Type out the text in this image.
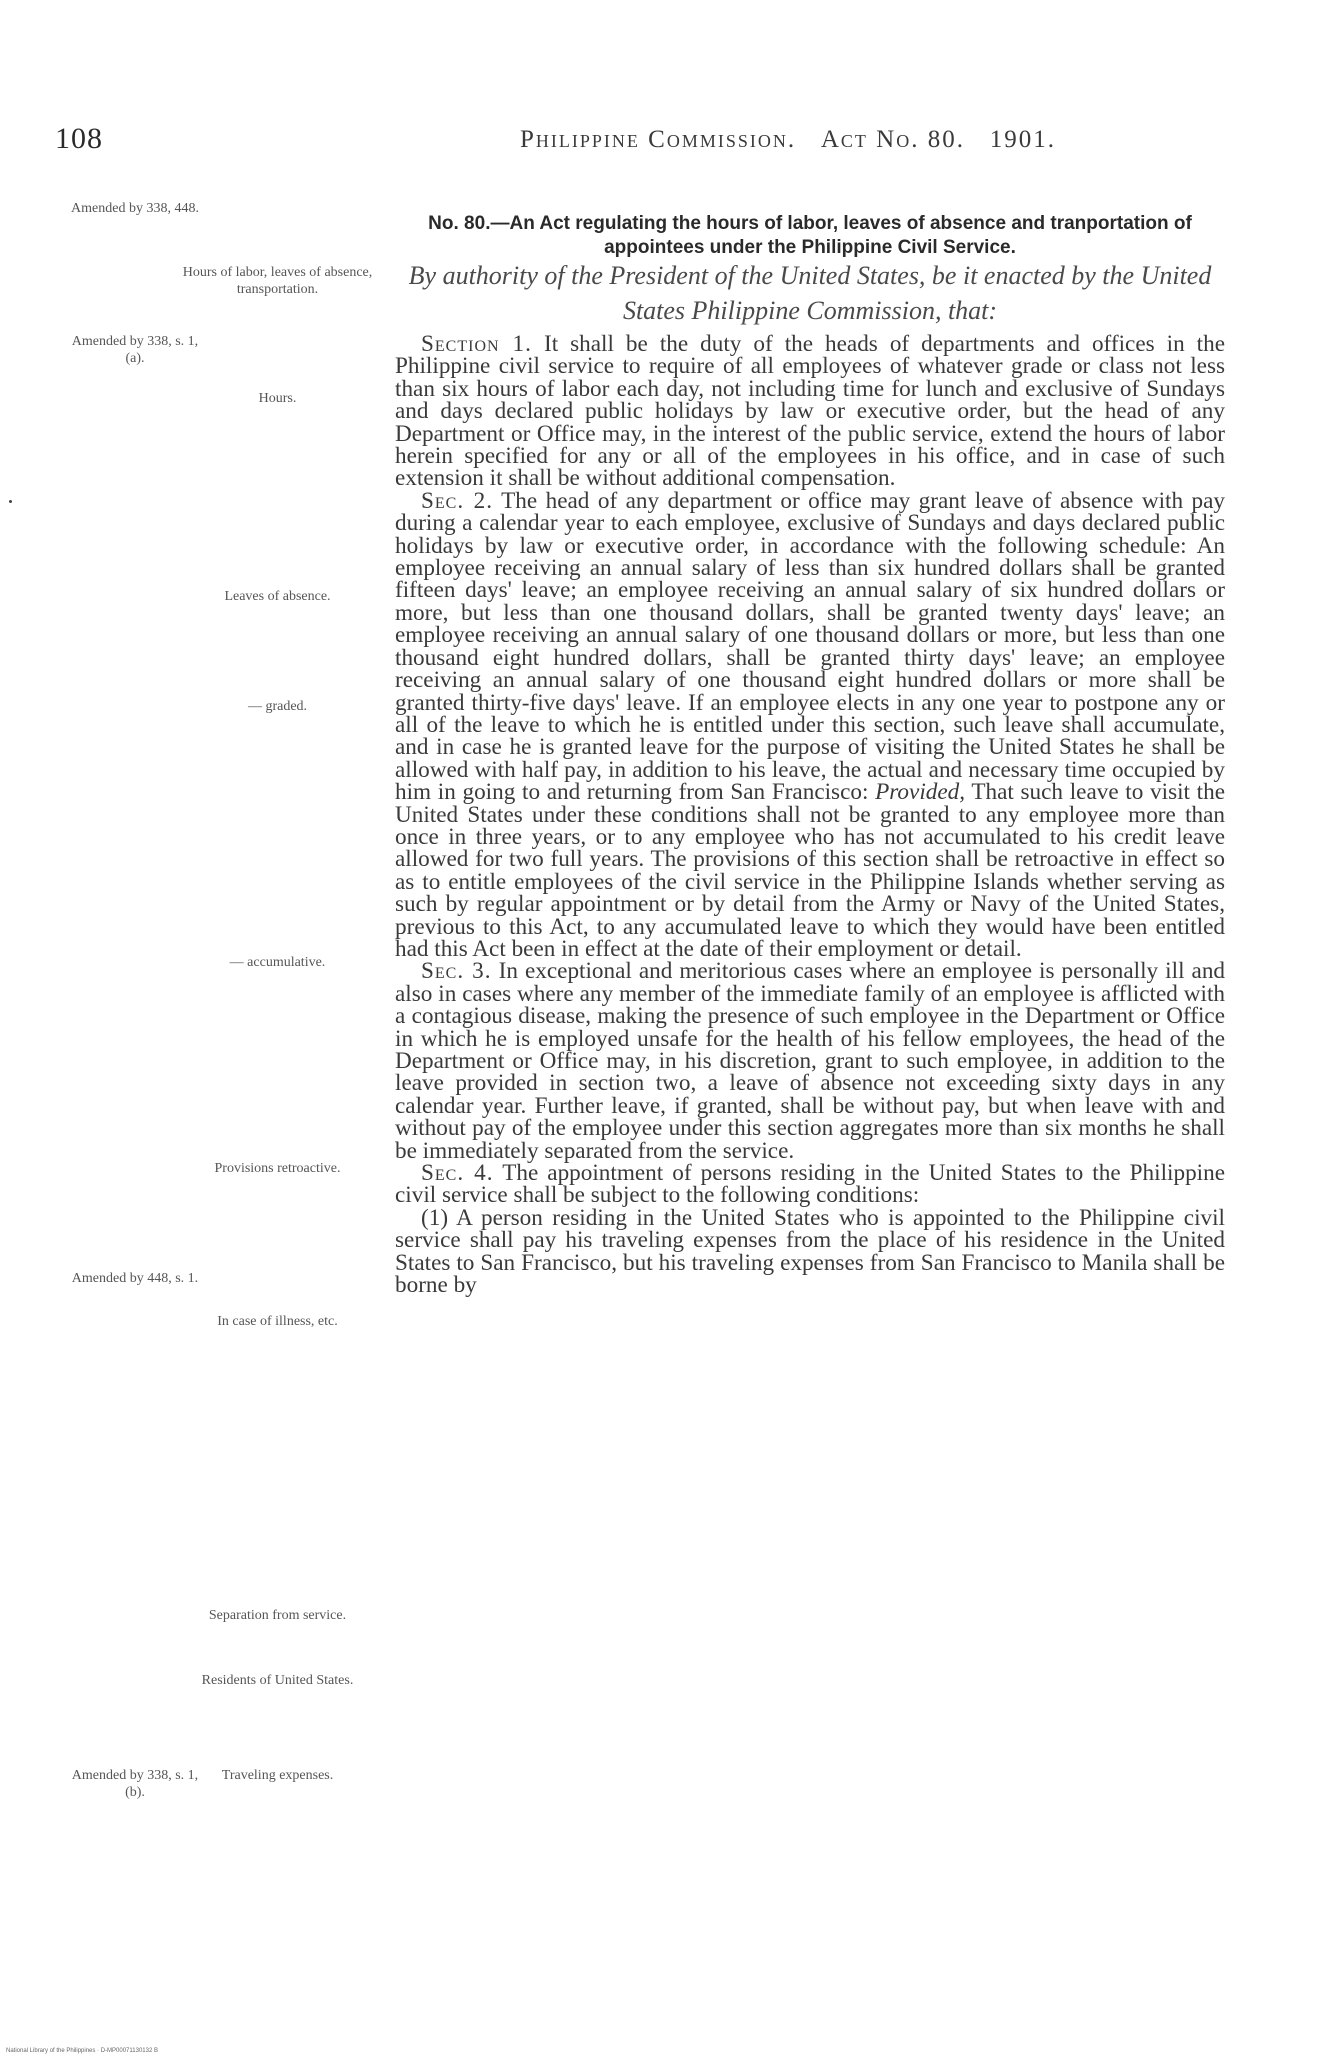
108	Philippine Commission. Act No. 80. 1901.
Amended by 338, 448.
Amended by 338, s. 1, (a).
Amended by 448, s. 1.
Amended by 338, s. 1, (b).
Hours of labor, leaves of absence, transportation.
Hours.
Leaves of absence.
— graded.
— accumulative.
Provisions retroactive.
In case of illness, etc.
Separation from service.
Residents of United States.
Traveling expenses.
No. 80.—An Act regulating the hours of labor, leaves of absence and tranportation of appointees under the Philippine Civil Service.
By authority of the President of the United States, be it enacted by the United States Philippine Commission, that:

Section 1. It shall be the duty of the heads of departments and offices in the Philippine civil service to require of all employees of whatever grade or class not less than six hours of labor each day, not including time for lunch and exclusive of Sundays and days declared public holidays by law or executive order, but the head of any Department or Office may, in the interest of the public service, extend the hours of labor herein specified for any or all of the employees in his office, and in case of such extension it shall be without additional compensation.

Sec. 2. The head of any department or office may grant leave of absence with pay during a calendar year to each employee, exclusive of Sundays and days declared public holidays by law or executive order, in accordance with the following schedule: An employee receiving an annual salary of less than six hundred dollars shall be granted fifteen days' leave; an employee receiving an annual salary of six hundred dollars or more, but less than one thousand dollars, shall be granted twenty days' leave; an employee receiving an annual salary of one thousand dollars or more, but less than one thousand eight hundred dollars, shall be granted thirty days' leave; an employee receiving an annual salary of one thousand eight hundred dollars or more shall be granted thirty-five days' leave. If an employee elects in any one year to postpone any or all of the leave to which he is entitled under this section, such leave shall accumulate, and in case he is granted leave for the purpose of visiting the United States he shall be allowed with half pay, in addition to his leave, the actual and necessary time occupied by him in going to and returning from San Francisco: Provided, That such leave to visit the United States under these conditions shall not be granted to any employee more than once in three years, or to any employee who has not accumulated to his credit leave allowed for two full years. The provisions of this section shall be retroactive in effect so as to entitle employees of the civil service in the Philippine Islands whether serving as such by regular appointment or by detail from the Army or Navy of the United States, previous to this Act, to any accumulated leave to which they would have been entitled had this Act been in effect at the date of their employment or detail.

Sec. 3. In exceptional and meritorious cases where an employee is personally ill and also in cases where any member of the immediate family of an employee is afflicted with a contagious disease, making the presence of such employee in the Department or Office in which he is employed unsafe for the health of his fellow employees, the head of the Department or Office may, in his discretion, grant to such employee, in addition to the leave provided in section two, a leave of absence not exceeding sixty days in any calendar year. Further leave, if granted, shall be without pay, but when leave with and without pay of the employee under this section aggregates more than six months he shall be immediately separated from the service.

Sec. 4. The appointment of persons residing in the United States to the Philippine civil service shall be subject to the following conditions:

(1) A person residing in the United States who is appointed to the Philippine civil service shall pay his traveling expenses from the place of his residence in the United States to San Francisco, but his traveling expenses from San Francisco to Manila shall be borne by

National Library of the Philippines · D-MP00071130132 B
